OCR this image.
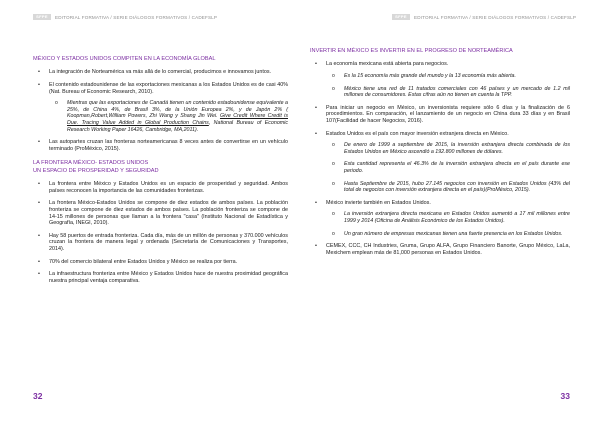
SFPE	EDITORIAL FORMATIVA / SERIE DIÁLOGOS FORMATIVOS / CADEFSLP
MÉXICO Y ESTADOS UNIDOS COMPITEN EN LA ECONOMÍA GLOBAL
• La integración de Norteamérica va más allá de lo comercial, producimos e innovamos juntos.
• El contenido estadounidense de las exportaciones mexicanas a los Estados Unidos es de casi 40% (Nat. Bureau of Economic Research, 2010).
o Mientras que las exportaciones de Canadá tienen un contenido estadounidense equivalente a 25%, de China 4%, de Brasil 3%, de la Unión Europea 2%, y de Japón 2% ( Koopman,Robert,William Powers, Zhi Wang y Shang Jin Wei. Give Credit Where Credit is Due. Tracing Value Added in Global Production Chains, National Bureau of Economic Research Working Paper 16426, Cambridge, MA,2011).
• Las autopartes cruzan las fronteras norteamericanas 8 veces antes de convertirse en un vehículo terminado (ProMéxico, 2015).
LA FRONTERA MÉXICO- ESTADOS UNIDOS
UN ESPACIO DE PROSPERIDAD Y SEGURIDAD
• La frontera entre México y Estados Unidos es un espacio de prosperidad y seguridad. Ambos países reconocen la importancia de las comunidades fronterizas.
• La frontera México-Estados Unidos se compone de diez estados de ambos países. La población fronteriza se compone de diez estados de ambos países. La población fronteriza se compone de 14-15 millones de personas que llaman a la frontera "casa" (Instituto Nacional de Estadística y Geografía, INEGI, 2010).
• Hay 58 puertos de entrada fronteriza. Cada día, más de un millón de personas y 370.000 vehículos cruzan la frontera de manera legal y ordenada (Secretaría de Comunicaciones y Transportes, 2014).
• 70% del comercio bilateral entre Estados Unidos y México se realiza por tierra.
• La infraestructura fronteriza entre México y Estados Unidos hace de nuestra proximidad geográfica nuestra principal ventaja comparativa.
32
SFPE	EDITORIAL FORMATIVA / SERIE DIÁLOGOS FORMATIVOS / CADEFSLP
INVERTIR EN MÉXICO ES INVERTIR EN EL PROGRESO DE NORTEAMÉRICA
• La economía mexicana está abierta para negocios.
o Es la 15 economía más grande del mundo y la 13 economía más abierta.
o México tiene una red de 11 tratados comerciales con 46 países y un mercado de 1.2 mil millones de consumidores. Estas cifras aún no tienen en cuenta la TPP.
• Para iniciar un negocio en México, un inversionista requiere sólo 6 días y la finalización de 6 procedimientos. En comparación, el lanzamiento de un negocio en China dura 33 días y en Brasil 107(Facilidad de hacer Negocios, 2016).
• Estados Unidos es el país con mayor inversión extranjera directa en México.
o De enero de 1999 a septiembre de 2015, la inversión extranjera directa combinada de los Estados Unidos en México ascendió a 192.800 millones de dólares.
o Esta cantidad representa el 46.3% de la inversión extranjera directa en el país durante ese periodo.
o Hasta Septiembre de 2015, hubo 27.145 negocios con inversión en Estados Unidos (43% del total de negocios con inversión extranjera directa en el país)(ProMéxico, 2015).
• México invierte también en Estados Unidos.
o La inversión extranjera directa mexicana en Estados Unidos aumentó a 17 mil millones entre 1999 y 2014 (Oficina de Análisis Económico de los Estados Unidos).
o Un gran número de empresas mexicanas tienen una fuerte presencia en los Estados Unidos.
• CEMEX, CCC, CH Industries, Gruma, Grupo ALFA, Grupo Financiero Banorte, Grupo México, LaLa, Mexichem emplean más de 81,000 personas en Estados Unidos.
33
